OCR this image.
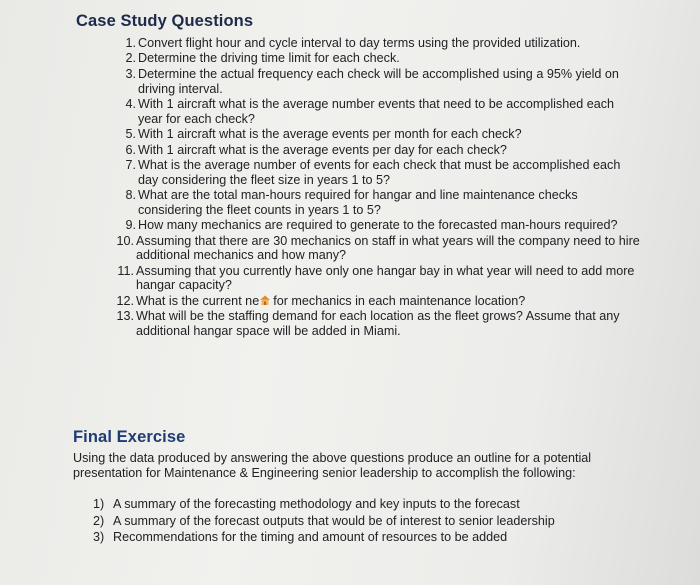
Case Study Questions
1. Convert flight hour and cycle interval to day terms using the provided utilization.
2. Determine the driving time limit for each check.
3. Determine the actual frequency each check will be accomplished using a 95% yield on driving interval.
4. With 1 aircraft what is the average number events that need to be accomplished each year for each check?
5. With 1 aircraft what is the average events per month for each check?
6. With 1 aircraft what is the average events per day for each check?
7. What is the average number of events for each check that must be accomplished each day considering the fleet size in years 1 to 5?
8. What are the total man-hours required for hangar and line maintenance checks considering the fleet counts in years 1 to 5?
9. How many mechanics are required to generate to the forecasted man-hours required?
10. Assuming that there are 30 mechanics on staff in what years will the company need to hire additional mechanics and how many?
11. Assuming that you currently have only one hangar bay in what year will need to add more hangar capacity?
12. What is the current ne for mechanics in each maintenance location?
13. What will be the staffing demand for each location as the fleet grows? Assume that any additional hangar space will be added in Miami.
Final Exercise

Using the data produced by answering the above questions produce an outline for a potential presentation for Maintenance & Engineering senior leadership to accomplish the following:

1) A summary of the forecasting methodology and key inputs to the forecast
2) A summary of the forecast outputs that would be of interest to senior leadership
3) Recommendations for the timing and amount of resources to be added
